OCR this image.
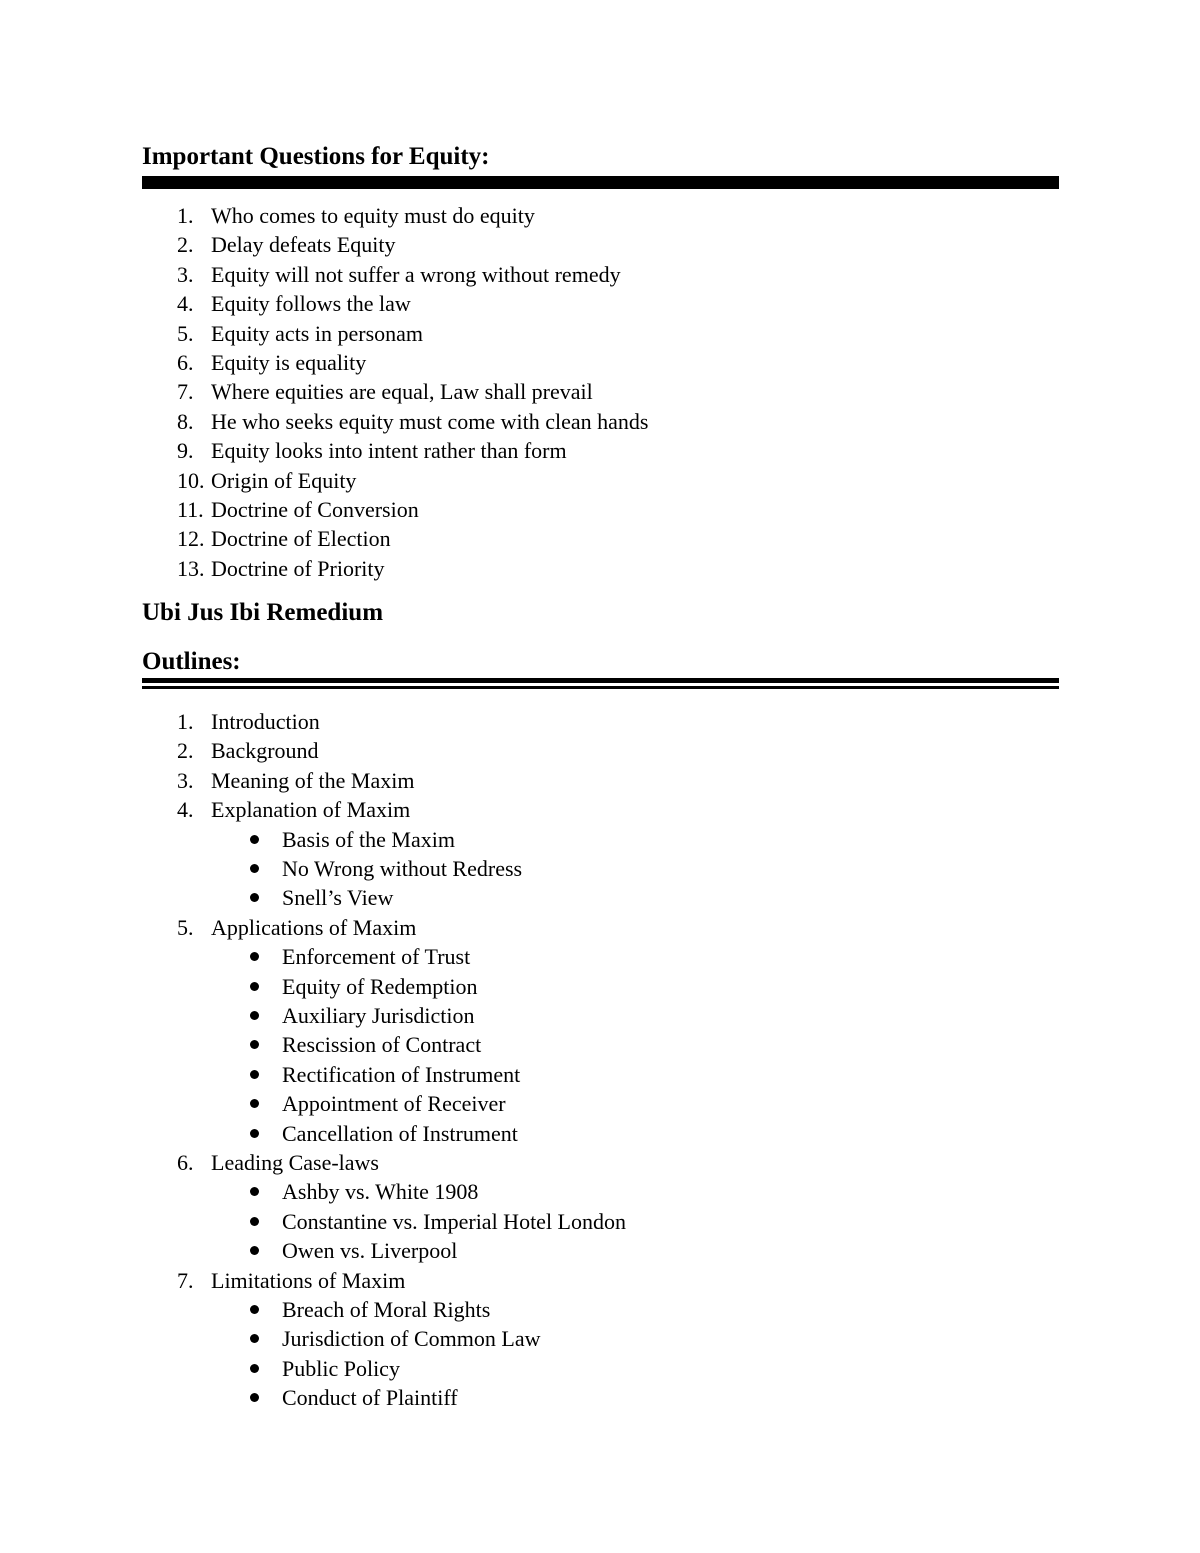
Important Questions for Equity:
1. Who comes to equity must do equity
2. Delay defeats Equity
3. Equity will not suffer a wrong without remedy
4. Equity follows the law
5. Equity acts in personam
6. Equity is equality
7. Where equities are equal, Law shall prevail
8. He who seeks equity must come with clean hands
9. Equity looks into intent rather than form
10. Origin of Equity
11. Doctrine of Conversion
12. Doctrine of Election
13. Doctrine of Priority
Ubi Jus Ibi Remedium
Outlines:
1. Introduction
2. Background
3. Meaning of the Maxim
4. Explanation of Maxim
Basis of the Maxim
No Wrong without Redress
Snell’s View
5. Applications of Maxim
Enforcement of Trust
Equity of Redemption
Auxiliary Jurisdiction
Rescission of Contract
Rectification of Instrument
Appointment of Receiver
Cancellation of Instrument
6. Leading Case-laws
Ashby vs. White 1908
Constantine vs. Imperial Hotel London
Owen vs. Liverpool
7. Limitations of Maxim
Breach of Moral Rights
Jurisdiction of Common Law
Public Policy
Conduct of Plaintiff
